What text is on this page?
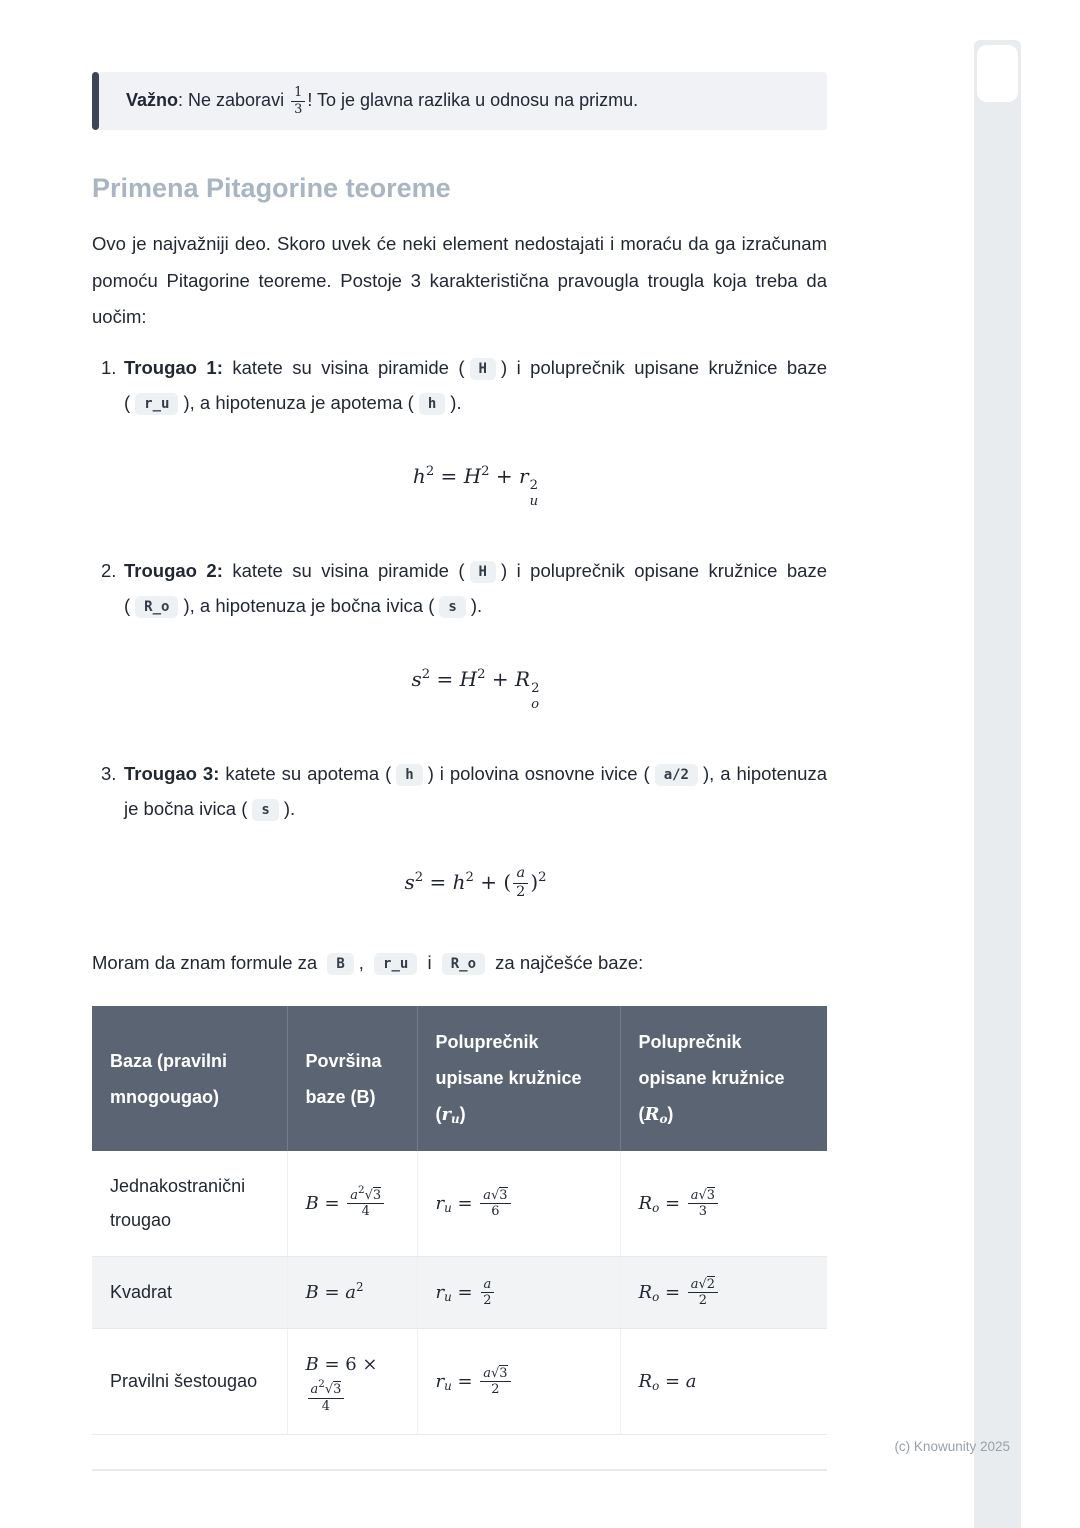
Važno: Ne zaboravi $\frac{1}{3}$ ! To je glavna razlika u odnosu na prizmu.
Primena Pitagorine teoreme

Ovo je najvažniji deo. Skoro uvek će neki element nedostajati i moraću da ga izračunam pomoću Pitagorine teoreme. Postoje 3 karakteristična pravougla trougla koja treba da uočim:

1. Trougao 1: katete su visina piramide ( H ) i poluprečnik upisane kružnice baze ( r_u ), a hipotenuza je apotema ( h ).
$h^2 = H^2 + r$ 2
u
2. Trougao 2: katete su visina piramide ( H ) i poluprečnik opisane kružnice baze ( R_o ), a hipotenuza je bočna ivica ( s ).
$s^2 = H^2 + R$ 2
o
3. Trougao 3: katete su apotema ( h ) i polovina osnovne ivice ( a/2 ), a hipotenuza je bočna ivica ( s ).
$s^2 = h^2$ + ( $\frac{a}{2} )^2$

Moram da znam formule za B , r_u i R_o za najčešće baze:

Baza (pravilni mnogougao)	Površina baze (B)	Poluprečnik upisane kružnice $(r_u)$	Poluprečnik opisane kružnice $(R_o)$
Jednakostranični trougao	$B = \frac{a^2√3}{4}$	$r_u = \frac{a√3}{6}$	$R_o = \frac{a√3}{3}$

Kvadrat	$B = a^2$	$r_u = \frac{a}{2}$	$R_o = \frac{a√2}{2}$

Pravilni šestougao	B = 6 ×
$\frac{a^2√3}{4}$	$r_u = \frac{a√3}{2}$	$R_o = a$
(c) Knowunity 2025
